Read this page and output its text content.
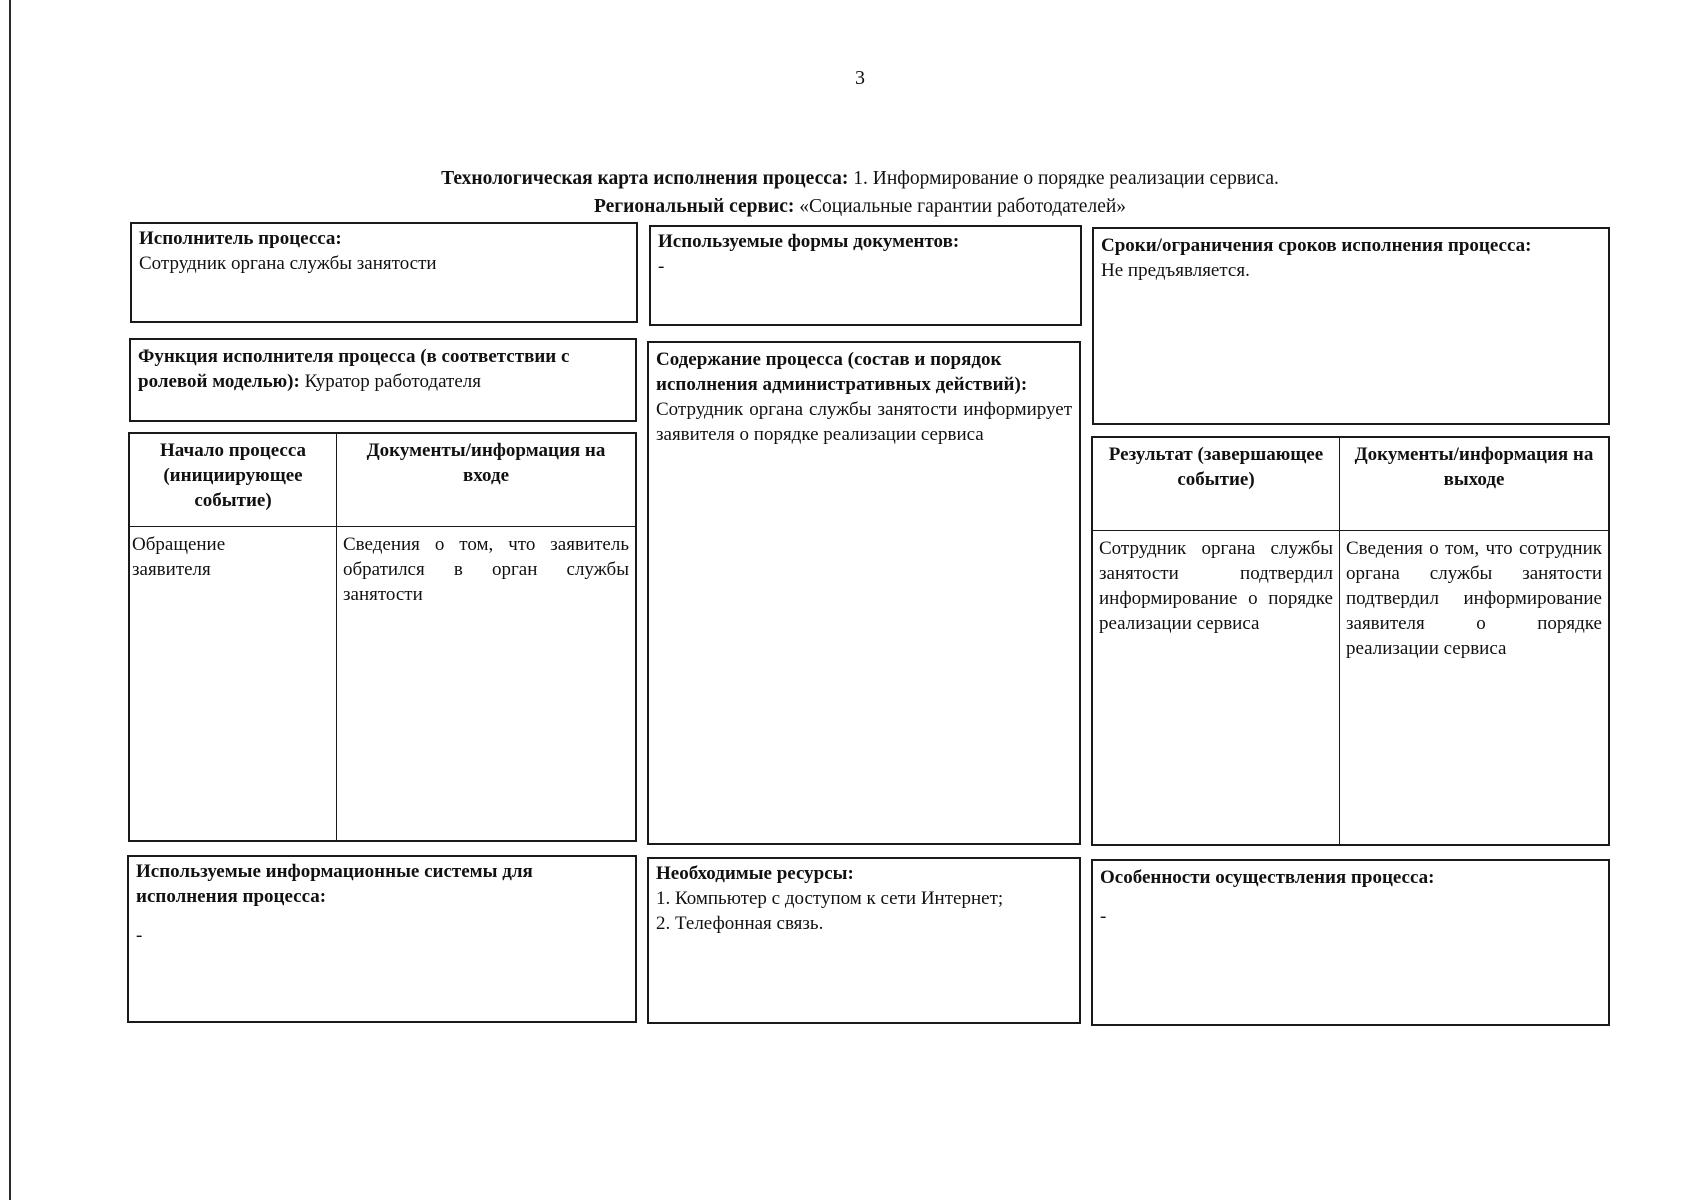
3
Технологическая карта исполнения процесса: 1. Информирование о порядке реализации сервиса.
Региональный сервис: «Социальные гарантии работодателей»
Исполнитель процесса:
Сотрудник органа службы занятости
Используемые формы документов:
-
Сроки/ограничения сроков исполнения процесса:
Не предъявляется.
Функция исполнителя процесса (в соответствии с ролевой моделью): Куратор работодателя
Содержание процесса (состав и порядок исполнения административных действий):
Сотрудник органа службы занятости информирует заявителя о порядке реализации сервиса
Начало процесса (инициирующее событие)
Документы/информация на входе
Обращение заявителя
Сведения о том, что заявитель обратился в орган службы занятости
Результат (завершающее событие)
Документы/информация на выходе
Сотрудник органа службы занятости подтвердил информирование о порядке реализации сервиса
Сведения о том, что сотрудник органа службы занятости подтвердил информирование заявителя о порядке реализации сервиса
Используемые информационные системы для исполнения процесса:
-
Необходимые ресурсы:
1. Компьютер с доступом к сети Интернет;
2. Телефонная связь.
Особенности осуществления процесса:
-
